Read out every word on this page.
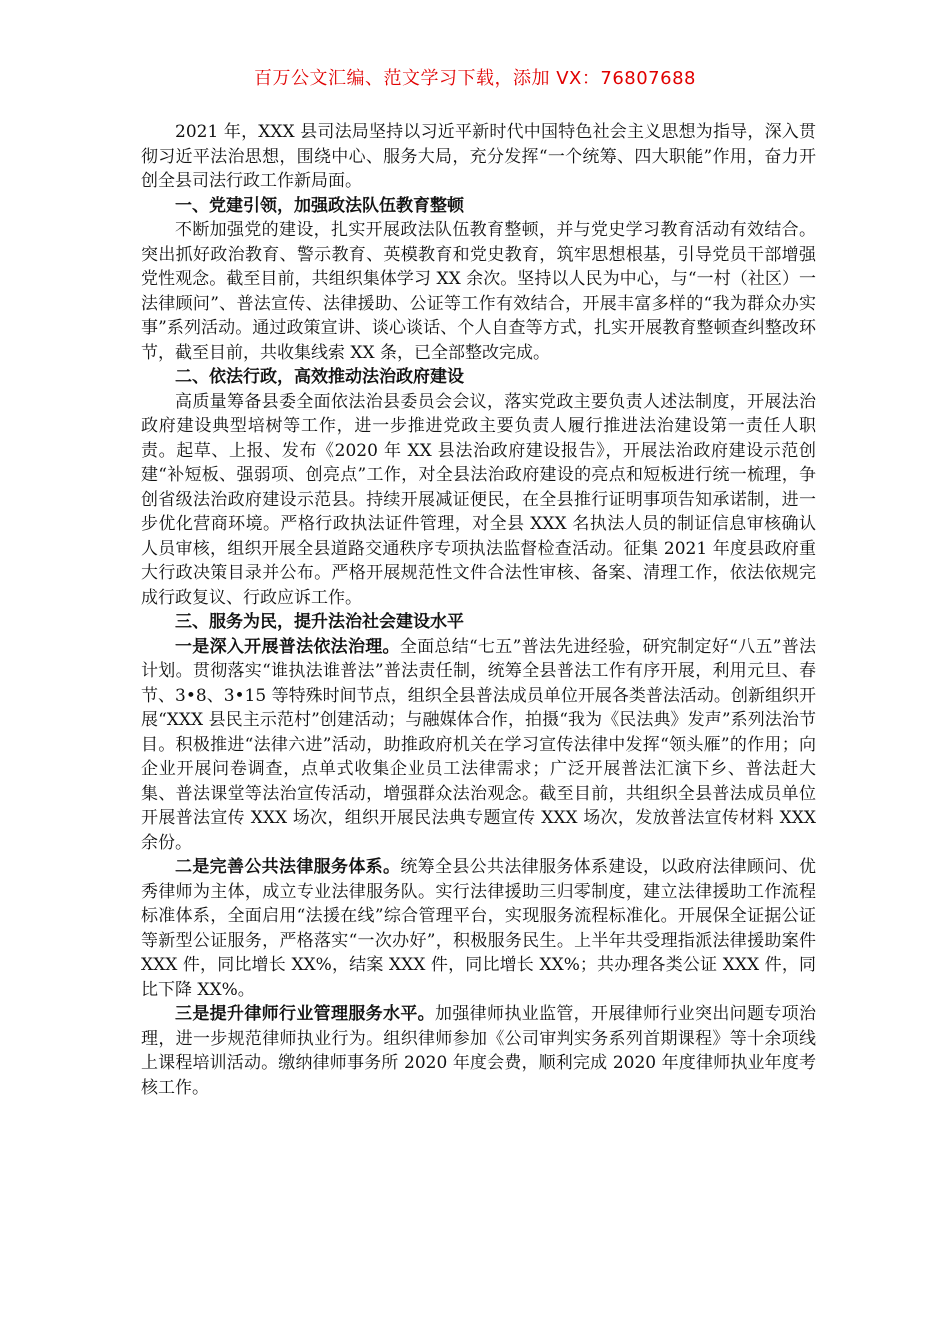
百万公文汇编、范文学习下载，添加 VX：76807688

2021 年，XXX 县司法局坚持以习近平新时代中国特色社会主义思想为指导，深入贯彻习近平法治思想，围绕中心、服务大局，充分发挥“一个统筹、四大职能”作用，奋力开创全县司法行政工作新局面。

一、党建引领，加强政法队伍教育整顿

不断加强党的建设，扎实开展政法队伍教育整顿，并与党史学习教育活动有效结合。突出抓好政治教育、警示教育、英模教育和党史教育，筑牢思想根基，引导党员干部增强党性观念。截至目前，共组织集体学习 XX 余次。坚持以人民为中心，与“一村（社区）一法律顾问”、普法宣传、法律援助、公证等工作有效结合，开展丰富多样的“我为群众办实事”系列活动。通过政策宣讲、谈心谈话、个人自查等方式，扎实开展教育整顿查纠整改环节，截至目前，共收集线索 XX 条，已全部整改完成。

二、依法行政，高效推动法治政府建设

高质量筹备县委全面依法治县委员会会议，落实党政主要负责人述法制度，开展法治政府建设典型培树等工作，进一步推进党政主要负责人履行推进法治建设第一责任人职责。起草、上报、发布《2020 年 XX 县法治政府建设报告》，开展法治政府建设示范创建“补短板、强弱项、创亮点”工作，对全县法治政府建设的亮点和短板进行统一梳理，争创省级法治政府建设示范县。持续开展减证便民，在全县推行证明事项告知承诺制，进一步优化营商环境。严格行政执法证件管理，对全县 XXX 名执法人员的制证信息审核确认人员审核，组织开展全县道路交通秩序专项执法监督检查活动。征集 2021 年度县政府重大行政决策目录并公布。严格开展规范性文件合法性审核、备案、清理工作，依法依规完成行政复议、行政应诉工作。

三、服务为民，提升法治社会建设水平

一是深入开展普法依法治理。全面总结“七五”普法先进经验，研究制定好“八五”普法计划。贯彻落实“谁执法谁普法”普法责任制，统筹全县普法工作有序开展，利用元旦、春节、3•8、3•15 等特殊时间节点，组织全县普法成员单位开展各类普法活动。创新组织开展“XXX 县民主示范村”创建活动；与融媒体合作，拍摄“我为《民法典》发声”系列法治节目。积极推进“法律六进”活动，助推政府机关在学习宣传法律中发挥“领头雁”的作用；向企业开展问卷调查，点单式收集企业员工法律需求；广泛开展普法汇演下乡、普法赶大集、普法课堂等法治宣传活动，增强群众法治观念。截至目前，共组织全县普法成员单位开展普法宣传 XXX 场次，组织开展民法典专题宣传 XXX 场次，发放普法宣传材料 XXX 余份。

二是完善公共法律服务体系。统筹全县公共法律服务体系建设，以政府法律顾问、优秀律师为主体，成立专业法律服务队。实行法律援助三归零制度，建立法律援助工作流程标准体系，全面启用“法援在线”综合管理平台，实现服务流程标准化。开展保全证据公证等新型公证服务，严格落实“一次办好”，积极服务民生。上半年共受理指派法律援助案件 XXX 件，同比增长 XX%，结案 XXX 件，同比增长 XX%；共办理各类公证 XXX 件，同比下降 XX%。

三是提升律师行业管理服务水平。加强律师执业监管，开展律师行业突出问题专项治理，进一步规范律师执业行为。组织律师参加《公司审判实务系列首期课程》等十余项线上课程培训活动。缴纳律师事务所 2020 年度会费，顺利完成 2020 年度律师执业年度考核工作。
